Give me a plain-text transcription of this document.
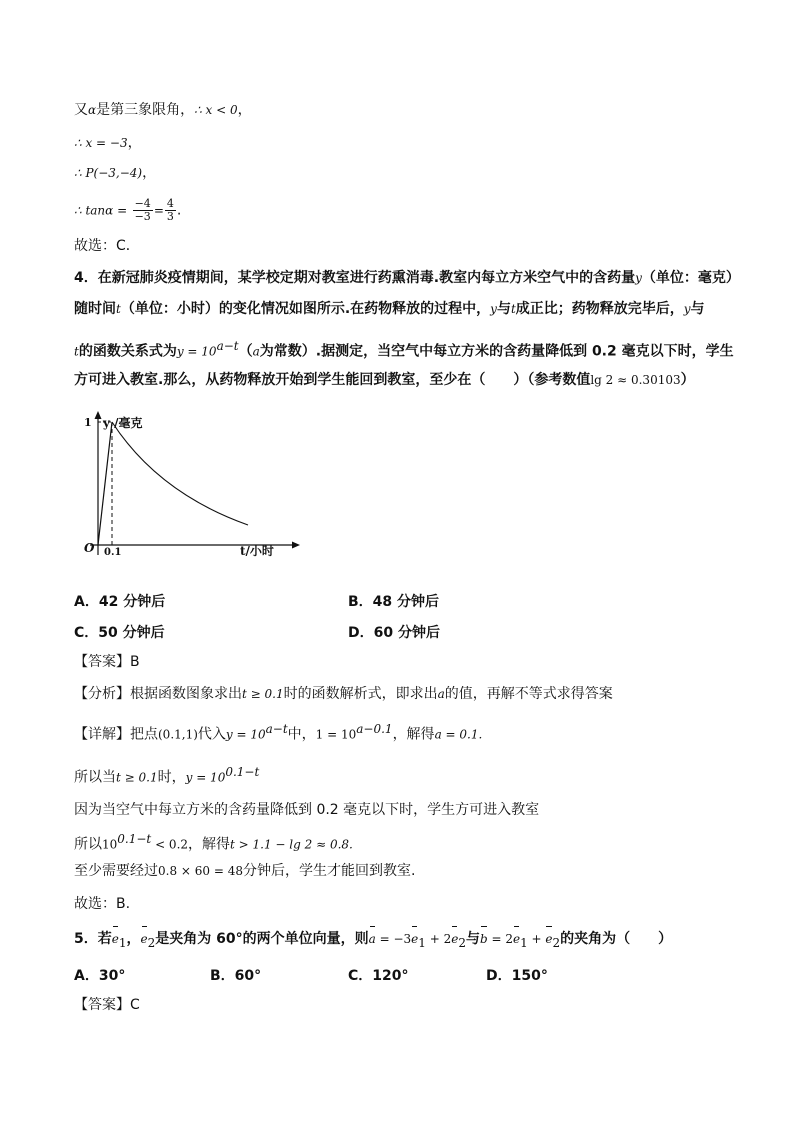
又α是第三象限角，∴ x < 0，
∴ x = −3，
∴ P(−3,−4)，
∴ $\tan\alpha = \frac{-4}{-3} = \frac{4}{3}$ .
故选：C．
4．在新冠肺炎疫情期间，某学校定期对教室进行药熏消毒.教室内每立方米空气中的含药量y（单位：毫克）
随时间t（单位：小时）的变化情况如图所示.在药物释放的过程中，y与t成正比；药物释放完毕后，y与
t的函数关系式为$y = 10^{a-t}(a$为常数）.据测定，当空气中每立方米的含药量降低到 0.2 毫克以下时，学生
方可进入教室.那么，从药物释放开始到学生能回到教室，至少在（　　）（参考数值lg 2 ≈ 0.30103）
y /毫克
1
O 0.1	t/小时
A．42 分钟后	B．48 分钟后
C．50 分钟后	D．60 分钟后
【答案】B
【分析】根据函数图象求出t ≥ 0.1时的函数解析式，即求出a的值，再解不等式求得答案
【详解】把点(0.1,1)代入$y = 10^{a-t}$中，$1 = 10^{a-0.1}$，解得a = 0.1.
所以当t ≥ 0.1时，$y = 10^{0.1-t}$
因为当空气中每立方米的含药量降低到 0.2 毫克以下时，学生方可进入教室
所以$10^{0.1-t} < 0.2$，解得t > 1.1 − lg 2 ≈ 0.8.
至少需要经过0.8 × 60 = 48分钟后，学生才能回到教室.
故选：B.
5．若$e_1$，$e_2$是夹角为 60°的两个单位向量，则$a = -3e_1 + 2e_2$与$b = 2e_1 + e_2$的夹角为（　　）
A．30°	B．60°	C．120°	D．150°
【答案】C
